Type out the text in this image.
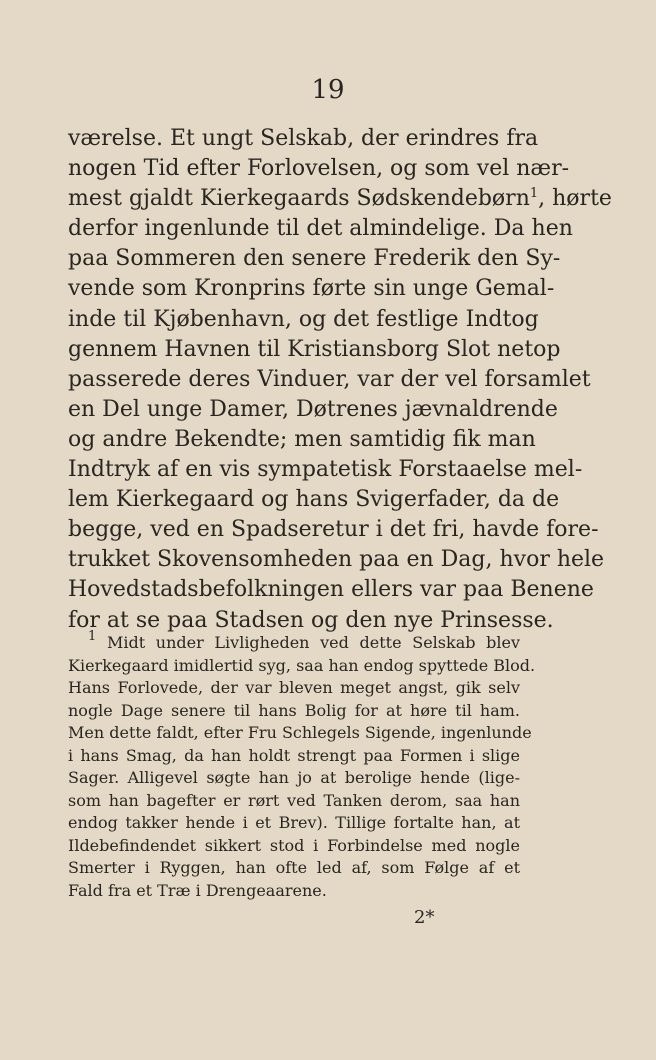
19
værelse. Et ungt Selskab, der erindres fra
nogen Tid efter Forlovelsen, og som vel nær-
mest gjaldt Kierkegaards Sødskendebørn$^1$, hørte
derfor ingenlunde til det almindelige. Da hen
paa Sommeren den senere Frederik den Sy-
vende som Kronprins førte sin unge Gemal-
inde til Kjøbenhavn, og det festlige Indtog
gennem Havnen til Kristiansborg Slot netop
passerede deres Vinduer, var der vel forsamlet
en Del unge Damer, Døtrenes jævnaldrende
og andre Bekendte; men samtidig fik man
Indtryk af en vis sympatetisk Forstaaelse mel-
lem Kierkegaard og hans Svigerfader, da de
begge, ved en Spadseretur i det fri, havde fore-
trukket Skovensomheden paa en Dag, hvor hele
Hovedstadsbefolkningen ellers var paa Benene
for at se paa Stadsen og den nye Prinsesse.
$^1$ Midt under Livligheden ved dette Selskab blev
Kierkegaard imidlertid syg, saa han endog spyttede Blod.
Hans Forlovede, der var bleven meget angst, gik selv
nogle Dage senere til hans Bolig for at høre til ham.
Men dette faldt, efter Fru Schlegels Sigende, ingenlunde
i hans Smag, da han holdt strengt paa Formen i slige
Sager. Alligevel søgte han jo at berolige hende (lige-
som han bagefter er rørt ved Tanken derom, saa han
endog takker hende i et Brev). Tillige fortalte han, at
Ildebefindendet sikkert stod i Forbindelse med nogle
Smerter i Ryggen, han ofte led af, som Følge af et
Fald fra et Træ i Drengeaarene.
2*
